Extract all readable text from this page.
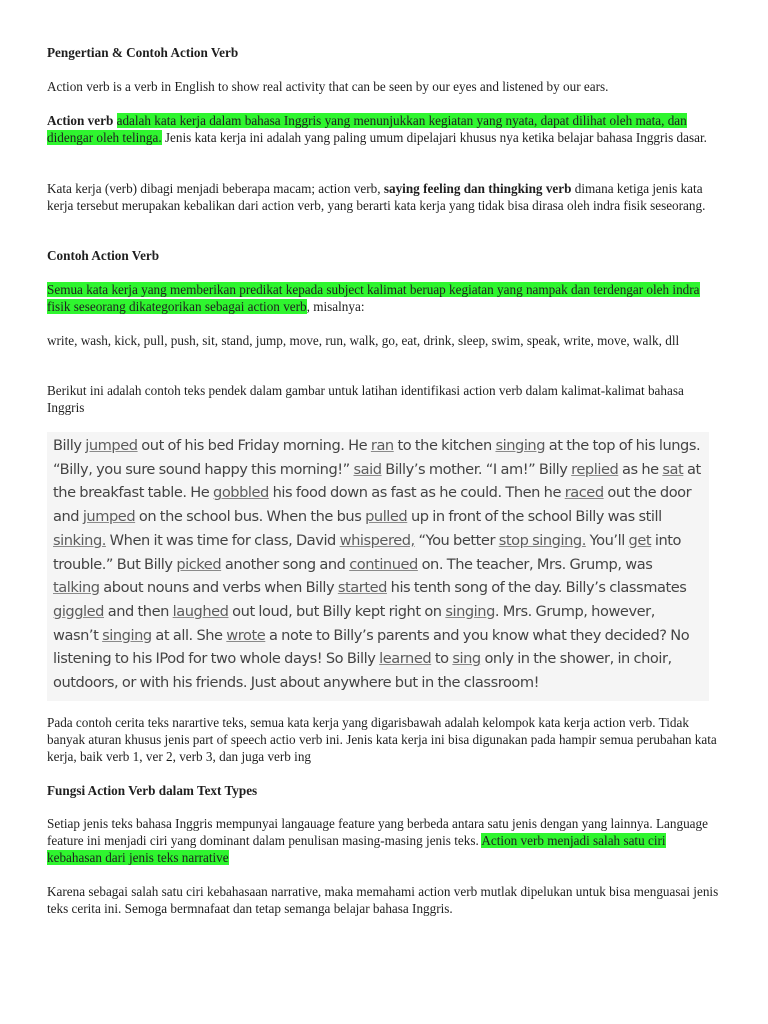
Pengertian & Contoh Action Verb

Action verb is a verb in English to show real activity that can be seen by our eyes and listened by our ears.

Action verb adalah kata kerja dalam bahasa Inggris yang menunjukkan kegiatan yang nyata, dapat dilihat oleh mata, dan didengar oleh telinga. Jenis kata kerja ini adalah yang paling umum dipelajari khusus nya ketika belajar bahasa Inggris dasar.

Kata kerja (verb) dibagi menjadi beberapa macam; action verb, saying feeling dan thingking verb dimana ketiga jenis kata kerja tersebut merupakan kebalikan dari action verb, yang berarti kata kerja yang tidak bisa dirasa oleh indra fisik seseorang.

Contoh Action Verb

Semua kata kerja yang memberikan predikat kepada subject kalimat beruap kegiatan yang nampak dan terdengar oleh indra fisik seseorang dikategorikan sebagai action verb, misalnya:

write, wash, kick, pull, push, sit, stand, jump, move, run, walk, go, eat, drink, sleep, swim, speak, write, move, walk, dll

Berikut ini adalah contoh teks pendek dalam gambar untuk latihan identifikasi action verb dalam kalimat-kalimat bahasa Inggris

Billy jumped out of his bed Friday morning. He ran to the kitchen singing at the top of his lungs. “Billy, you sure sound happy this morning!” said Billy’s mother. “I am!” Billy replied as he sat at the breakfast table. He gobbled his food down as fast as he could. Then he raced out the door and jumped on the school bus. When the bus pulled up in front of the school Billy was still sinking. When it was time for class, David whispered, “You better stop singing. You’ll get into trouble.” But Billy picked another song and continued on. The teacher, Mrs. Grump, was talking about nouns and verbs when Billy started his tenth song of the day. Billy’s classmates giggled and then laughed out loud, but Billy kept right on singing. Mrs. Grump, however, wasn’t singing at all. She wrote a note to Billy’s parents and you know what they decided? No listening to his IPod for two whole days! So Billy learned to sing only in the shower, in choir, outdoors, or with his friends. Just about anywhere but in the classroom!

Pada contoh cerita teks narartive teks, semua kata kerja yang digarisbawah adalah kelompok kata kerja action verb. Tidak banyak aturan khusus jenis part of speech actio verb ini. Jenis kata kerja ini bisa digunakan pada hampir semua perubahan kata kerja, baik verb 1, ver 2, verb 3, dan juga verb ing

Fungsi Action Verb dalam Text Types

Setiap jenis teks bahasa Inggris mempunyai langauage feature yang berbeda antara satu jenis dengan yang lainnya. Language feature ini menjadi ciri yang dominant dalam penulisan masing-masing jenis teks. Action verb menjadi salah satu ciri kebahasan dari jenis teks narrative

Karena sebagai salah satu ciri kebahasaan narrative, maka memahami action verb mutlak dipelukan untuk bisa menguasai jenis teks cerita ini. Semoga bermnafaat dan tetap semanga belajar bahasa Inggris.
